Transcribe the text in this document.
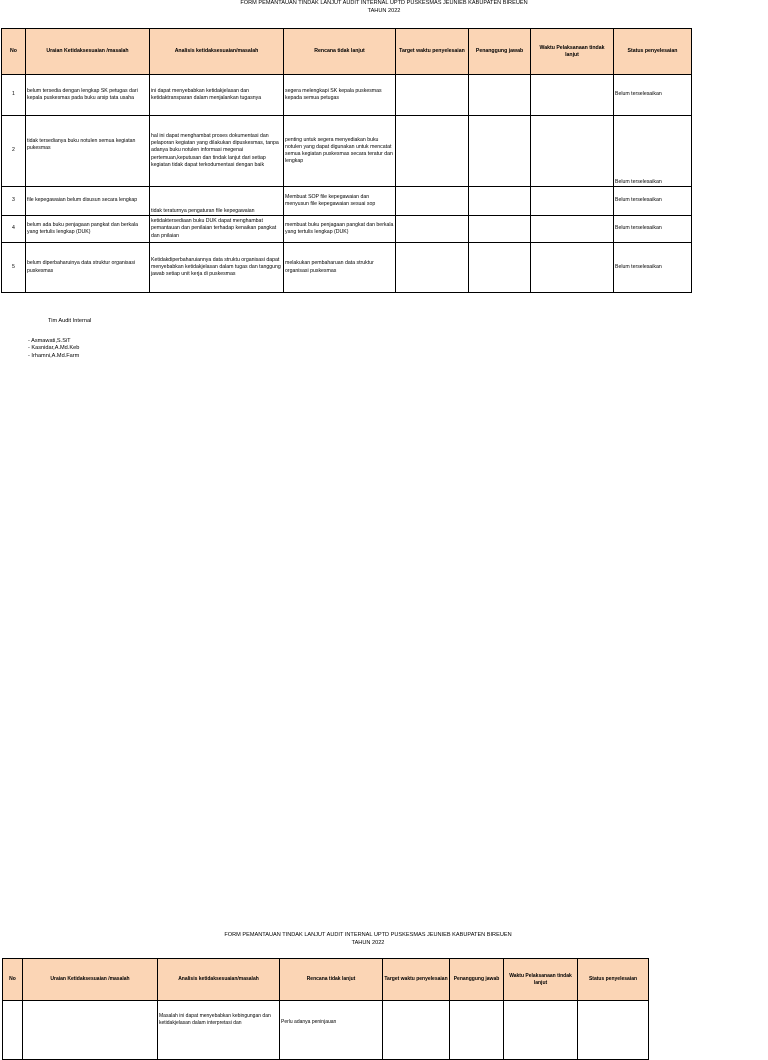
FORM PEMANTAUAN TINDAK LANJUT AUDIT INTERNAL UPTD PUSKESMAS JEUNIEB KABUPATEN BIREUEN
TAHUN 2022
No	Uraian Ketidaksesuaian /masalah	Analisis ketidaksesuaian/masalah	Rencana tidak lanjut	Target waktu penyelesaian	Penanggung jawab	Waktu Pelaksanaan tindak lanjut	Status penyelesaian
1	belum tersedia dengan lengkap SK petugas dari kepala puskesmas pada buku arsip tata usaha	ini dapat menyebabkan ketidakjelasan dan ketidaktransparan dalam menjalankan tugasnya	segera melengkapi SK kepala puskesmas kepada semua petugas				Belum terselesaikan
2	tidak tersedianya buku notulen semua kegiatan pukesmas	hal ini dapat menghambat proses dokumentasi dan pelaporan kegiatan yang dilakukan dipuskesmas, tanpa adanya buku notulen informasi megenai pertemuan,keputusan dan tindak lanjut dari setiap kegiatan tidak dapat terkodumentasi dengan baik	penting untuk segera menyediakan buku notulen yang dapat digunakan untuk mencatat semua kegiatan puskesmas secara teratur dan lengkap				Belum terselesaikan
3	file kepegawaian belum disusun secara lengkap	tidak teraturnya pengaturan file kepegawaian	Membuat SOP file kepegawaian dan menyusun file kepegawaian sesuai sop				Belum terselesaikan
4	belum ada buku penjagaan pangkat dan berkala yang tertulis lengkap (DUK)	ketidaktersediaan buku DUK dapat menghambat pemantauan dan penilaian terhadap kenaikan pangkat dan pnilaian	membuat buku penjagaan pangkat dan berkala yang tertulis lengkap (DUK)				Belum terselesaikan
5	belum diperbaharuinya data struktur organisasi puskesmas	Ketidakdiperbaharuiannya data struktu organisasi dapat menyebabkan ketidakjelasan dalam tugas dan tanggung jawab setiap unit kerja di puskesmas	melakukan pembaharuan data struktur organisasi puskesmas				Belum terselesaikan
Tim Audit Internal
- Asmawati,S.SiT
- Kasnidar,A.Md.Keb
- Irhamni,A.Md.Farm
FORM PEMANTAUAN TINDAK LANJUT AUDIT INTERNAL UPTD PUSKESMAS JEUNIEB KABUPATEN BIREUEN
TAHUN 2022
No	Uraian Ketidaksesuaian /masalah	Analisis ketidaksesuaian/masalah	Rencana tidak lanjut	Target waktu penyelesaian	Penanggung jawab	Waktu Pelaksanaan tindak lanjut	Status penyelesaian
		Masalah ini dapat menyebabkan kebingungan dan ketidakjelasan dalam interpretasi dan	Perlu adanya peninjauan				
